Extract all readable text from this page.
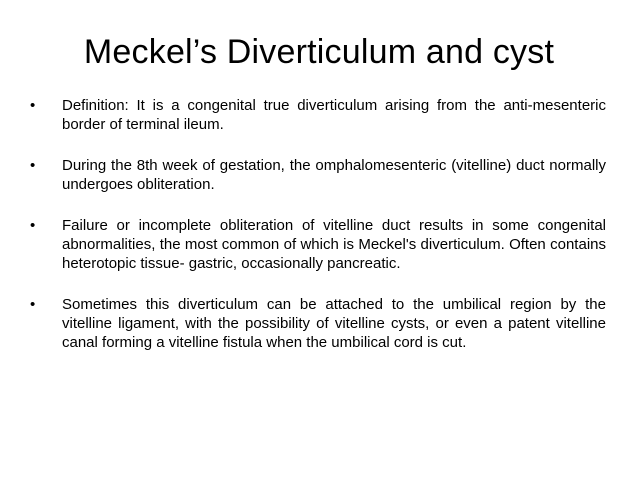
Meckel’s Diverticulum and cyst
•	Definition: It is a congenital true diverticulum arising from the anti-mesenteric border of terminal ileum.
•	During the 8th week of gestation, the omphalomesenteric (vitelline) duct normally undergoes obliteration.
•	Failure or incomplete obliteration of vitelline duct results in some congenital abnormalities, the most common of which is Meckel's diverticulum. Often contains heterotopic tissue- gastric, occasionally pancreatic.
•	Sometimes this diverticulum can be attached to the umbilical region by the vitelline ligament, with the possibility of vitelline cysts, or even a patent vitelline canal forming a vitelline fistula when the umbilical cord is cut.
